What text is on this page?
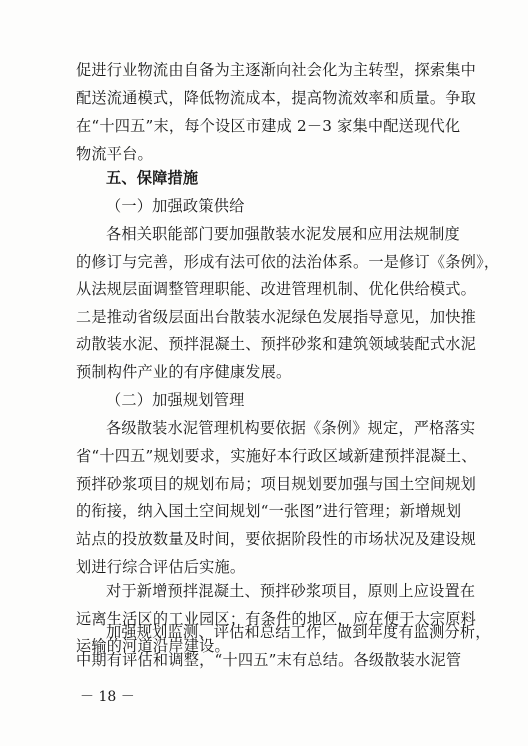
促进行业物流由自备为主逐渐向社会化为主转型，探索集中
配送流通模式，降低物流成本，提高物流效率和质量。争取
在“十四五”末，每个设区市建成 2－3 家集中配送现代化
物流平台。
五、保障措施
（一）加强政策供给
各相关职能部门要加强散装水泥发展和应用法规制度
的修订与完善，形成有法可依的法治体系。一是修订《条例》，
从法规层面调整管理职能、改进管理机制、优化供给模式。
二是推动省级层面出台散装水泥绿色发展指导意见，加快推
动散装水泥、预拌混凝土、预拌砂浆和建筑领域装配式水泥
预制构件产业的有序健康发展。
（二）加强规划管理
各级散装水泥管理机构要依据《条例》规定，严格落实
省“十四五”规划要求，实施好本行政区域新建预拌混凝土、
预拌砂浆项目的规划布局；项目规划要加强与国土空间规划
的衔接，纳入国土空间规划“一张图”进行管理；新增规划
站点的投放数量及时间，要依据阶段性的市场状况及建设规
划进行综合评估后实施。
对于新增预拌混凝土、预拌砂浆项目，原则上应设置在
远离生活区的工业园区；有条件的地区，应在便于大宗原料
运输的河道沿岸建设。
加强规划监测、评估和总结工作，做到年度有监测分析，
中期有评估和调整，“十四五”末有总结。各级散装水泥管
－ 18 －
